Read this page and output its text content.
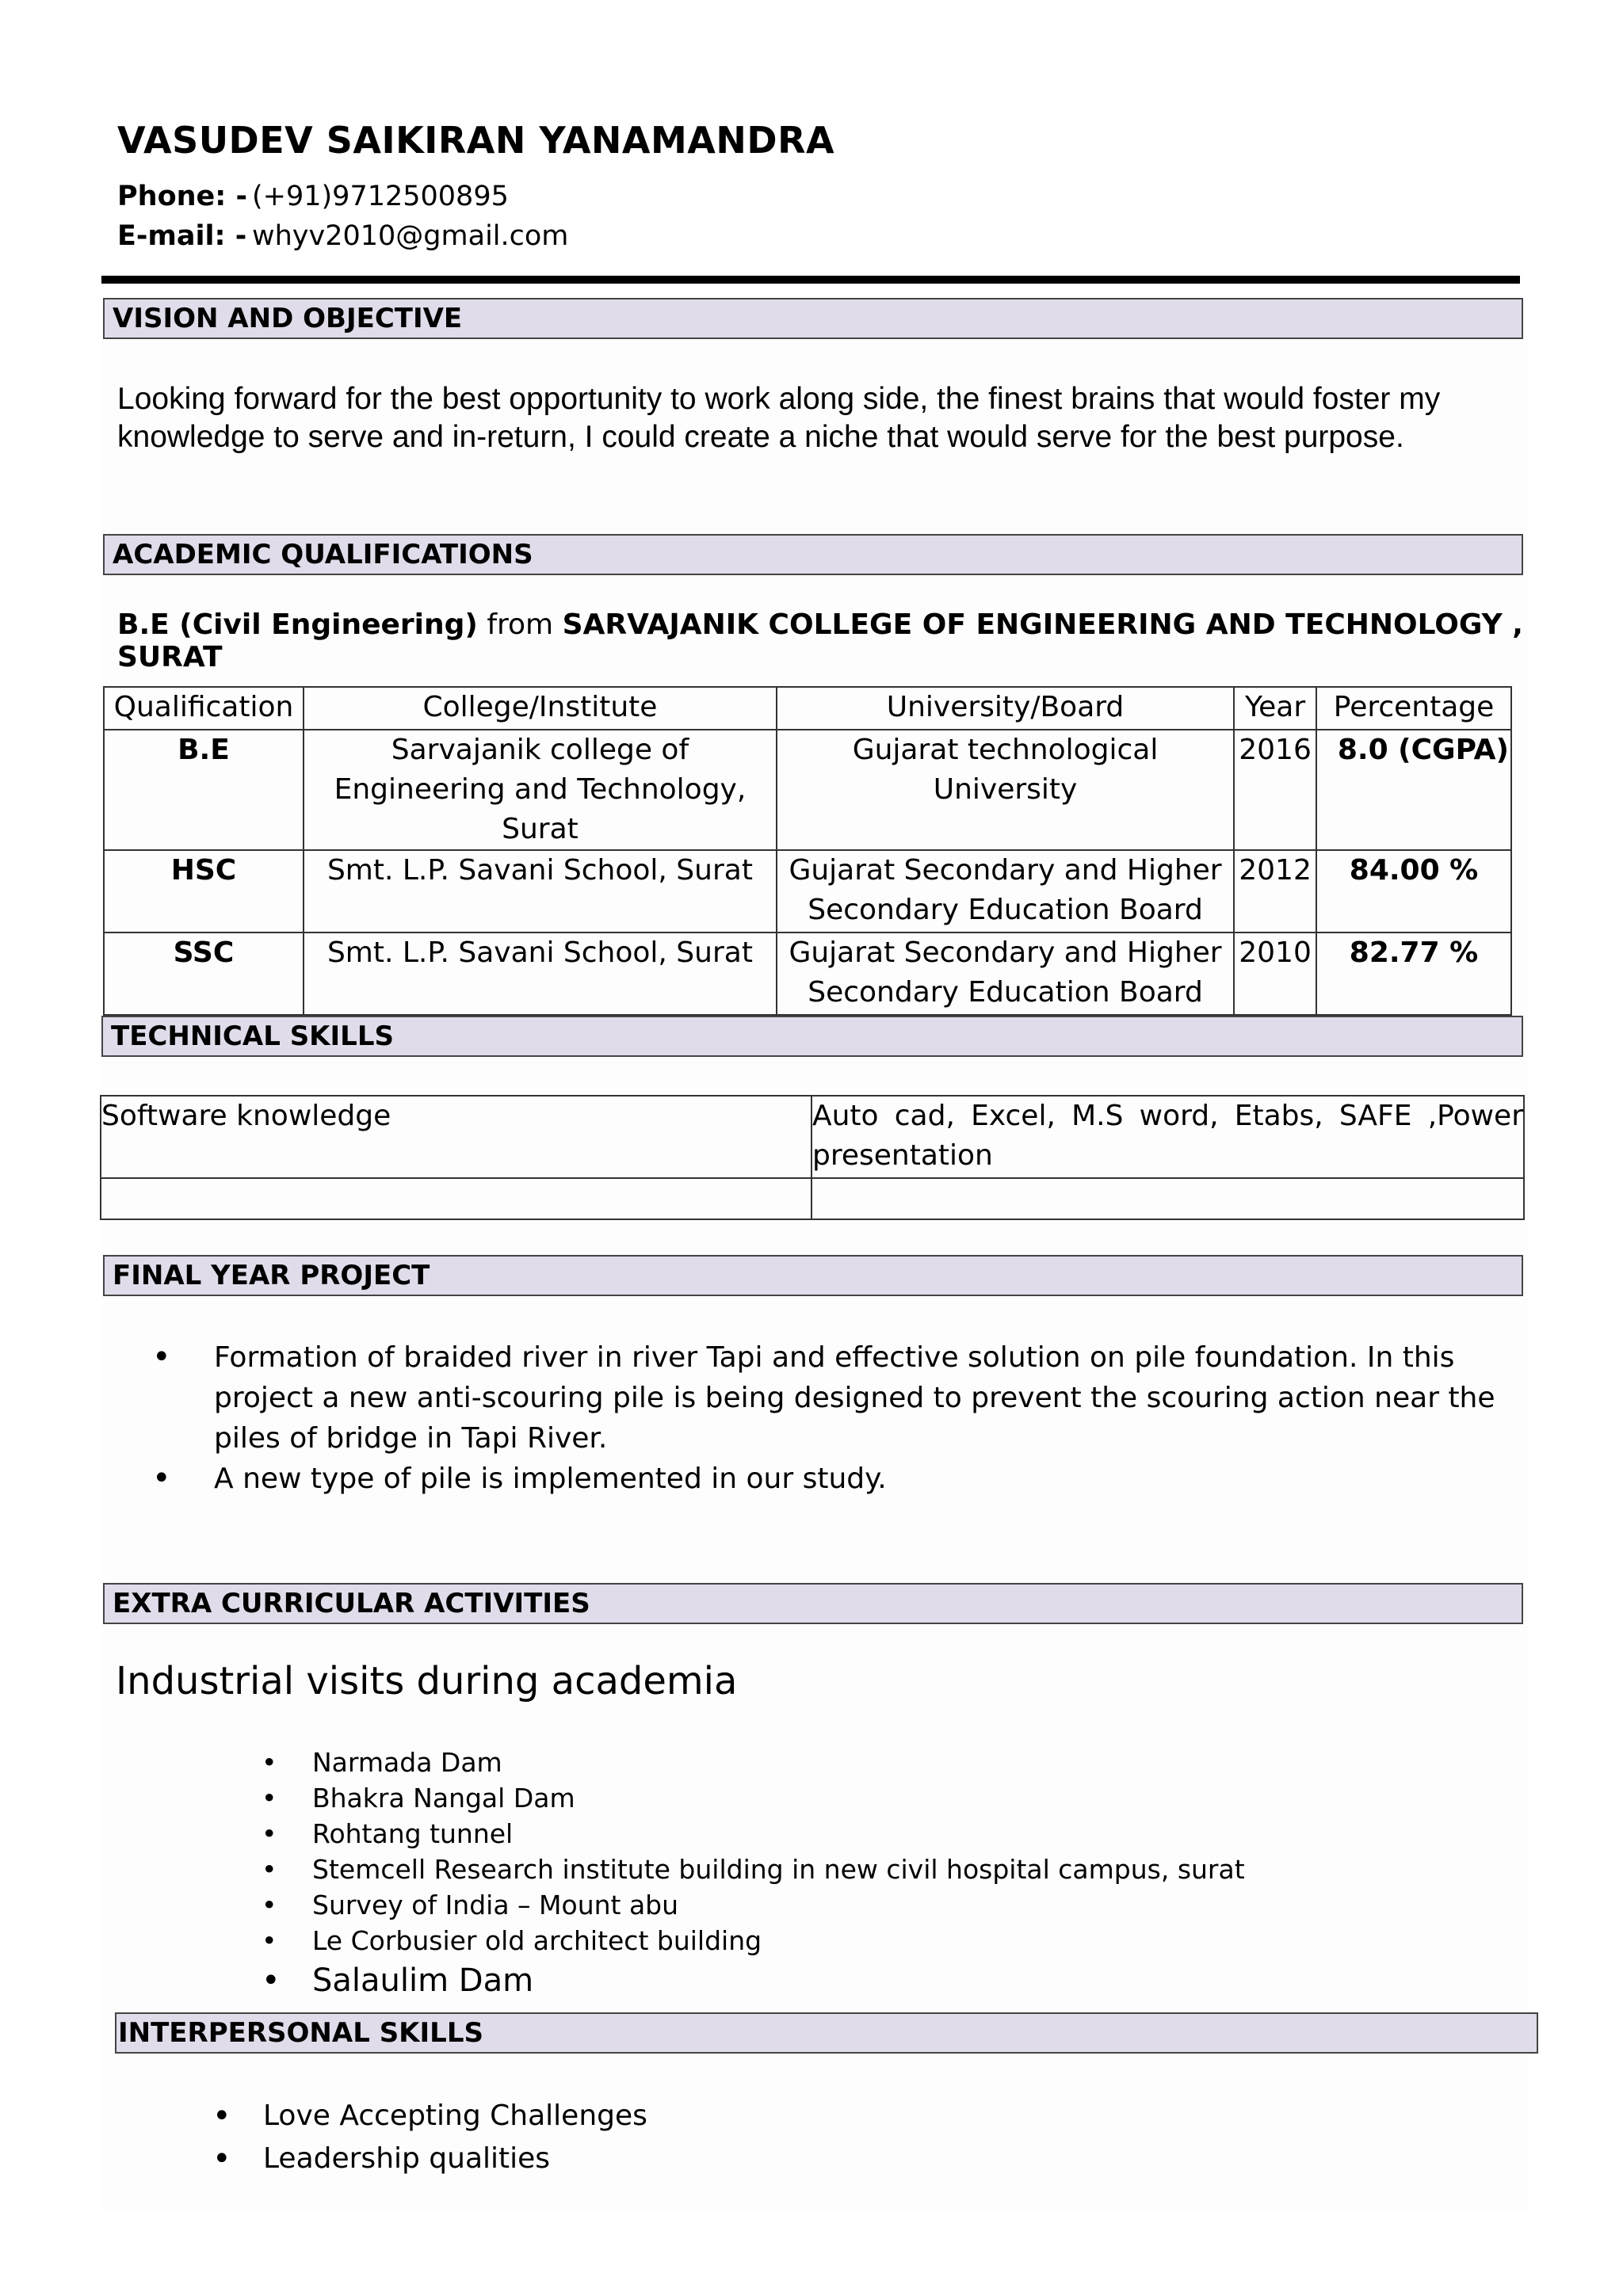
VASUDEV SAIKIRAN YANAMANDRA
Phone: - (+91)9712500895
E-mail: - whyv2010@gmail.com
VISION AND OBJECTIVE
Looking forward for the best opportunity to work along side, the finest brains that would foster my knowledge to serve and in-return, I could create a niche that would serve for the best purpose.
ACADEMIC QUALIFICATIONS
B.E (Civil Engineering) from SARVAJANIK COLLEGE OF ENGINEERING AND TECHNOLOGY , SURAT
Qualification	College/Institute	University/Board	Year	Percentage
B.E	Sarvajanik college of Engineering and Technology, Surat	Gujarat technological University	2016	8.0 (CGPA)
HSC	Smt. L.P. Savani School, Surat	Gujarat Secondary and Higher Secondary Education Board	2012	84.00 %
SSC	Smt. L.P. Savani School, Surat	Gujarat Secondary and Higher Secondary Education Board	2010	82.77 %
TECHNICAL SKILLS
Software knowledge	Auto cad, Excel, M.S word, Etabs, SAFE ,Power presentation

FINAL YEAR PROJECT
• Formation of braided river in river Tapi and effective solution on pile foundation. In this project a new anti-scouring pile is being designed to prevent the scouring action near the piles of bridge in Tapi River.
• A new type of pile is implemented in our study.
EXTRA CURRICULAR ACTIVITIES
Industrial visits during academia
• Narmada Dam
• Bhakra Nangal Dam
• Rohtang tunnel
• Stemcell Research institute building in new civil hospital campus, surat
• Survey of India – Mount abu
• Le Corbusier old architect building
• Salaulim Dam
INTERPERSONAL SKILLS
• Love Accepting Challenges
• Leadership qualities
